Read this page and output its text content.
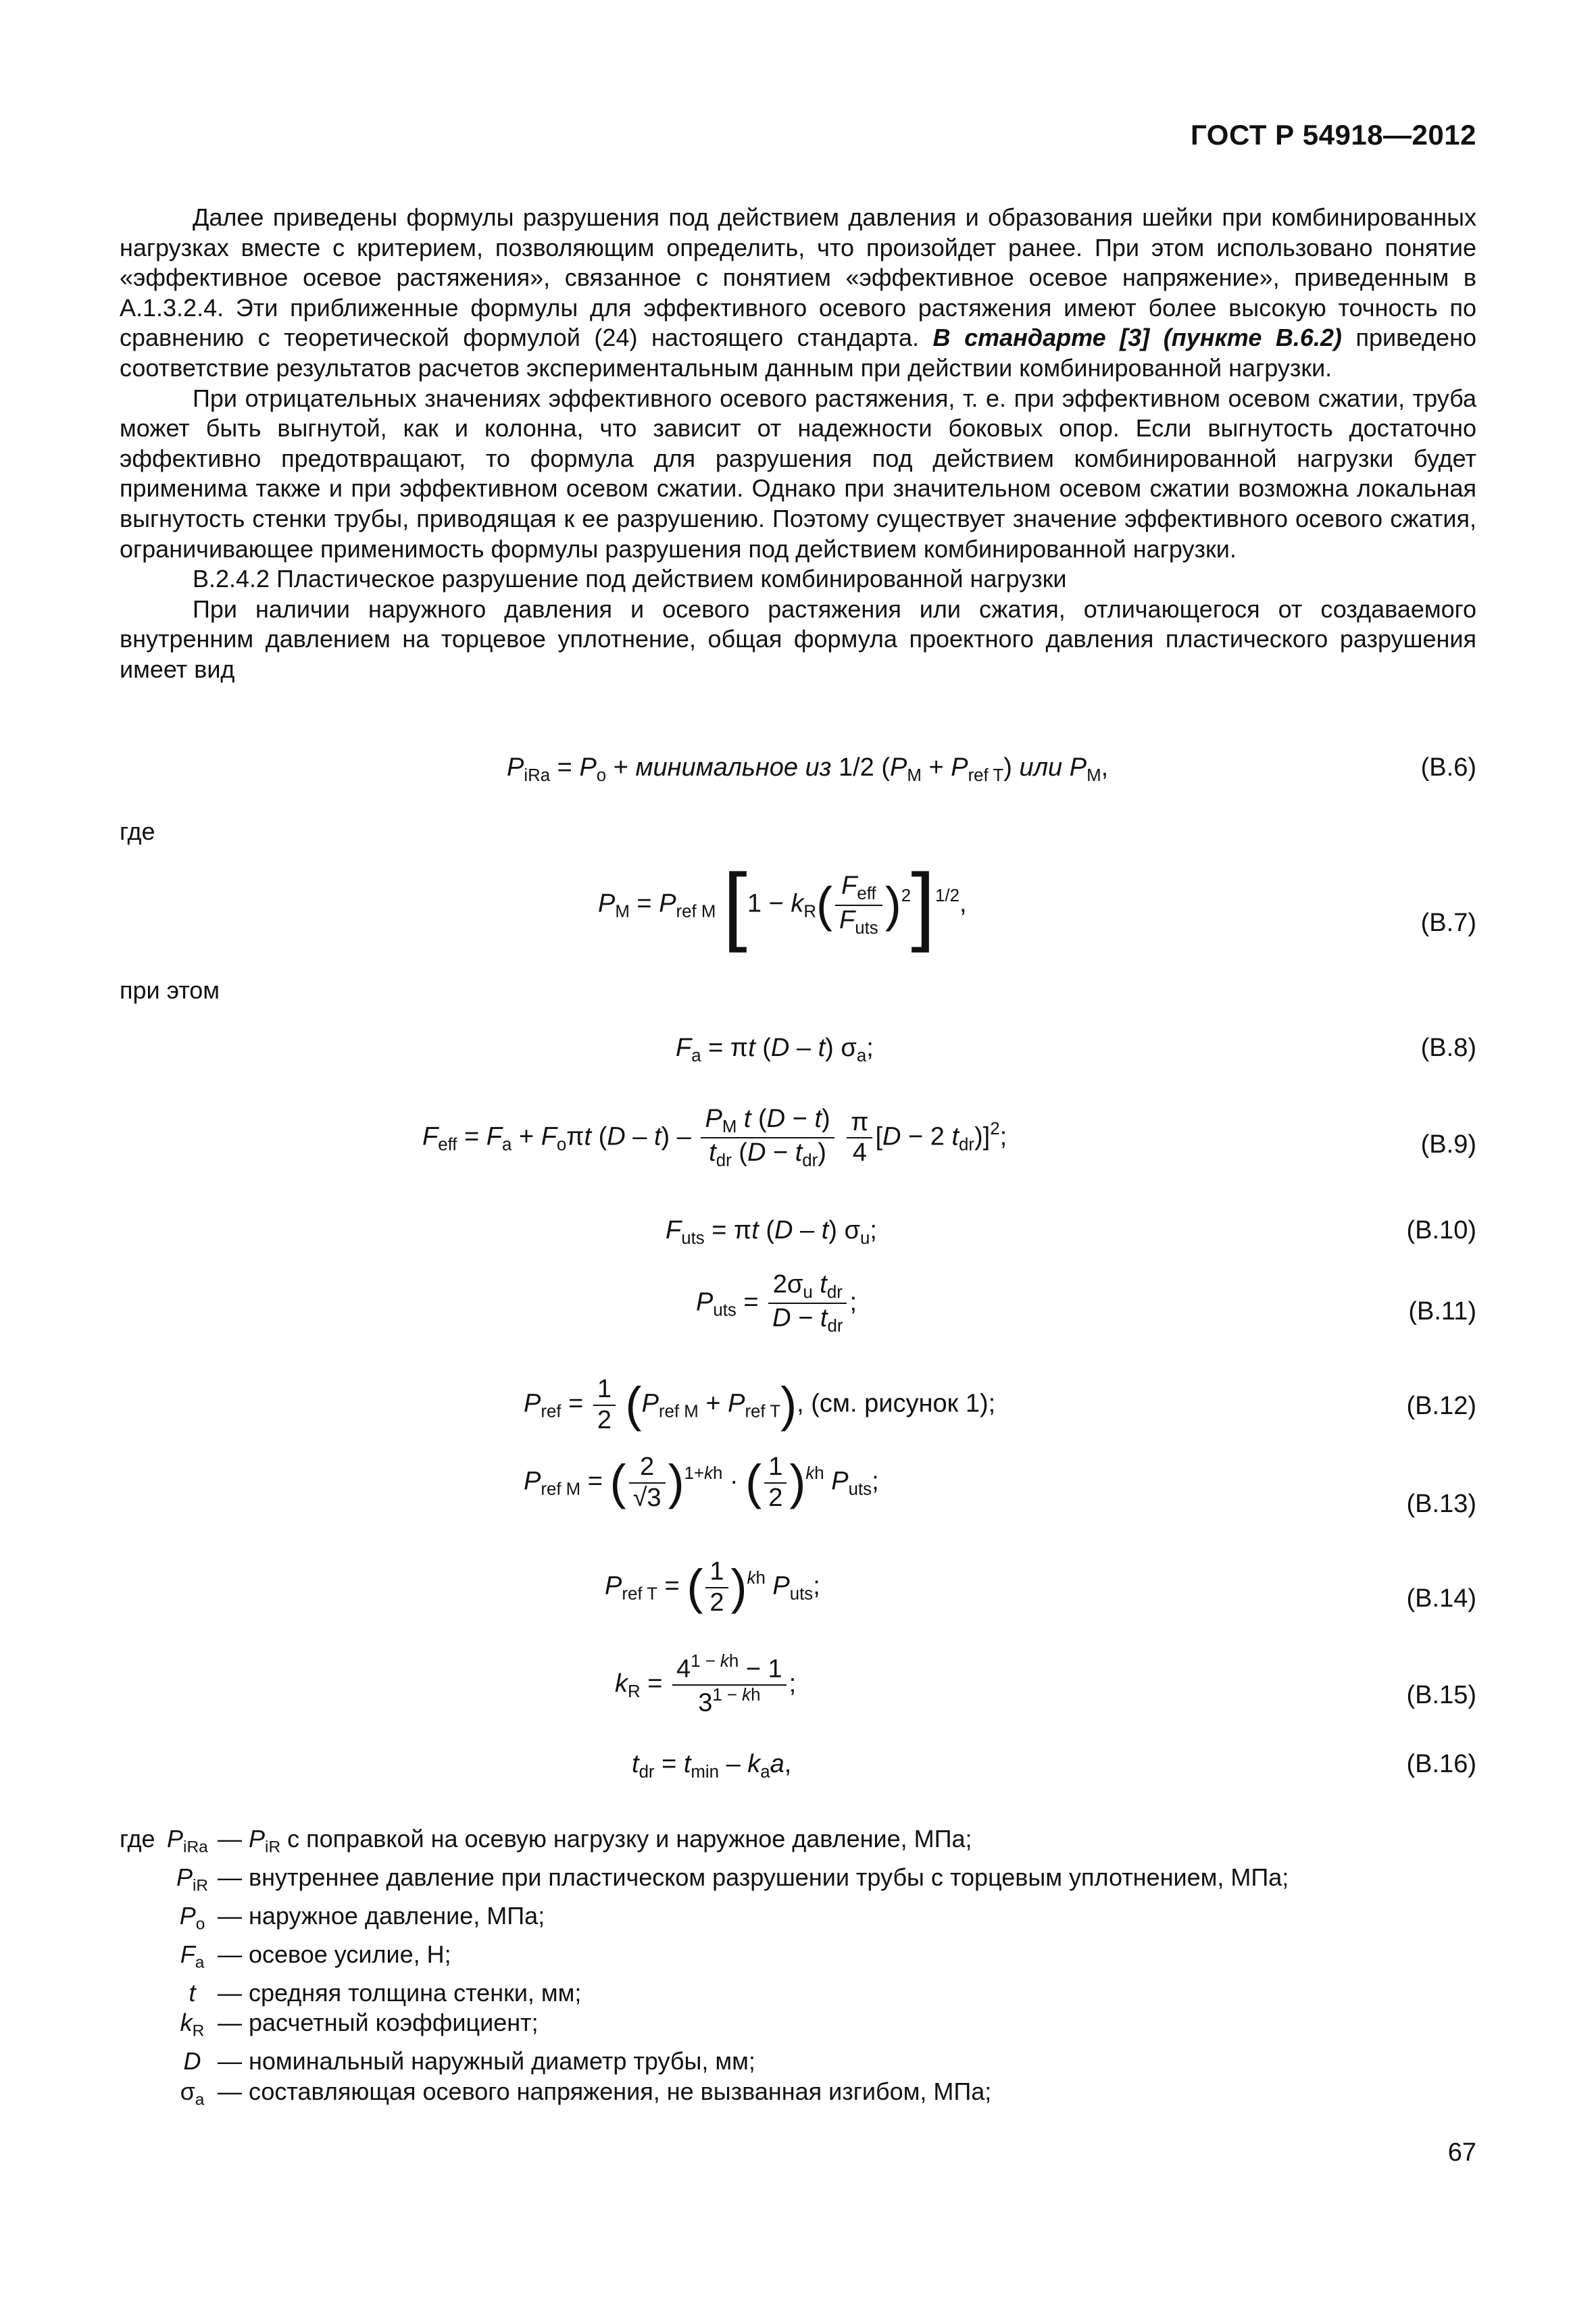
ГОСТ Р 54918—2012

Далее приведены формулы разрушения под действием давления и образования шейки при комбинированных нагрузках вместе с критерием, позволяющим определить, что произойдет ранее. При этом использовано понятие «эффективное осевое растяжения», связанное с понятием «эффективное осевое напряжение», приведенным в А.1.3.2.4. Эти приближенные формулы для эффективного осевого растяжения имеют более высокую точность по сравнению с теоретической формулой (24) настоящего стандарта. В стандарте [3] (пункте В.6.2) приведено соответствие результатов расчетов экспериментальным данным при действии комбинированной нагрузки.

При отрицательных значениях эффективного осевого растяжения, т. е. при эффективном осевом сжатии, труба может быть выгнутой, как и колонна, что зависит от надежности боковых опор. Если выгнутость достаточно эффективно предотвращают, то формула для разрушения под действием комбинированной нагрузки будет применима также и при эффективном осевом сжатии. Однако при значительном осевом сжатии возможна локальная выгнутость стенки трубы, приводящая к ее разрушению. Поэтому существует значение эффективного осевого сжатия, ограничивающее применимость формулы разрушения под действием комбинированной нагрузки.

В.2.4.2 Пластическое разрушение под действием комбинированной нагрузки

При наличии наружного давления и осевого растяжения или сжатия, отличающегося от создаваемого внутренним давлением на торцевое уплотнение, общая формула проектного давления пластического разрушения имеет вид

$P_{iRa} = P_o$ + минимальное из 1/2 $(P_M + P_{ref T})$ или $P_M$,	(В.6)
где
$P_M = P_{ref M}$ $[1 - k_R( \frac{F_{eff}}{F_{uts}} )^2]^{1/2}$,
(В.7)
при этом
$F_a = \pi t$ (D – t) $\sigma_a$;	(В.8)
$F_{eff} = F_a + F_o\pi t$ $(D - t) - \frac{P_M t (D - t)}{t_{dr} (D - t_{dr})}$
$\frac{\pi}{4} [D - 2$ $t_{dr})]^2$;	(В.9)
$F_{uts} = \pi t$ (D – t) $\sigma_u$;	(В.10)
$P_{uts} = \frac{2\sigma_u t_{dr}}{D - t_{dr}}$ ;	(В.11)
$P_{ref} = \frac{1}{2} (P_{ref M} + P_{ref T})$, (см. рисунок 1);	(В.12)
$P_{ref M}$ = ( $\frac{2}{√3} )^{1+kh}$ · ( $\frac{1}{2} )^{kh}$ $P_{uts}$;
(В.13)
$P_{ref T}$ = ( $\frac{1}{2} )^{kh}$ $P_{uts}$;	(В.14)
$k_R = \frac{4^{1 - kh} - 1}{3^{1 - kh}}$ ;	(В.15)
$t_{dr} = t_{min} - k_aa$,	(В.16)
где $P_{iRa}$ — $P_{iR}$ с поправкой на осевую нагрузку и наружное давление, МПа;
$P_{iR}$ — внутреннее давление при пластическом разрушении трубы с торцевым уплотнением, МПа;
$P_o$ — наружное давление, МПа;
$F_a$ — осевое усилие, Н;
t — средняя толщина стенки, мм;
$k_R$ — расчетный коэффициент;
D — номинальный наружный диаметр трубы, мм;
$\sigma_a$ — составляющая осевого напряжения, не вызванная изгибом, МПа;
67
